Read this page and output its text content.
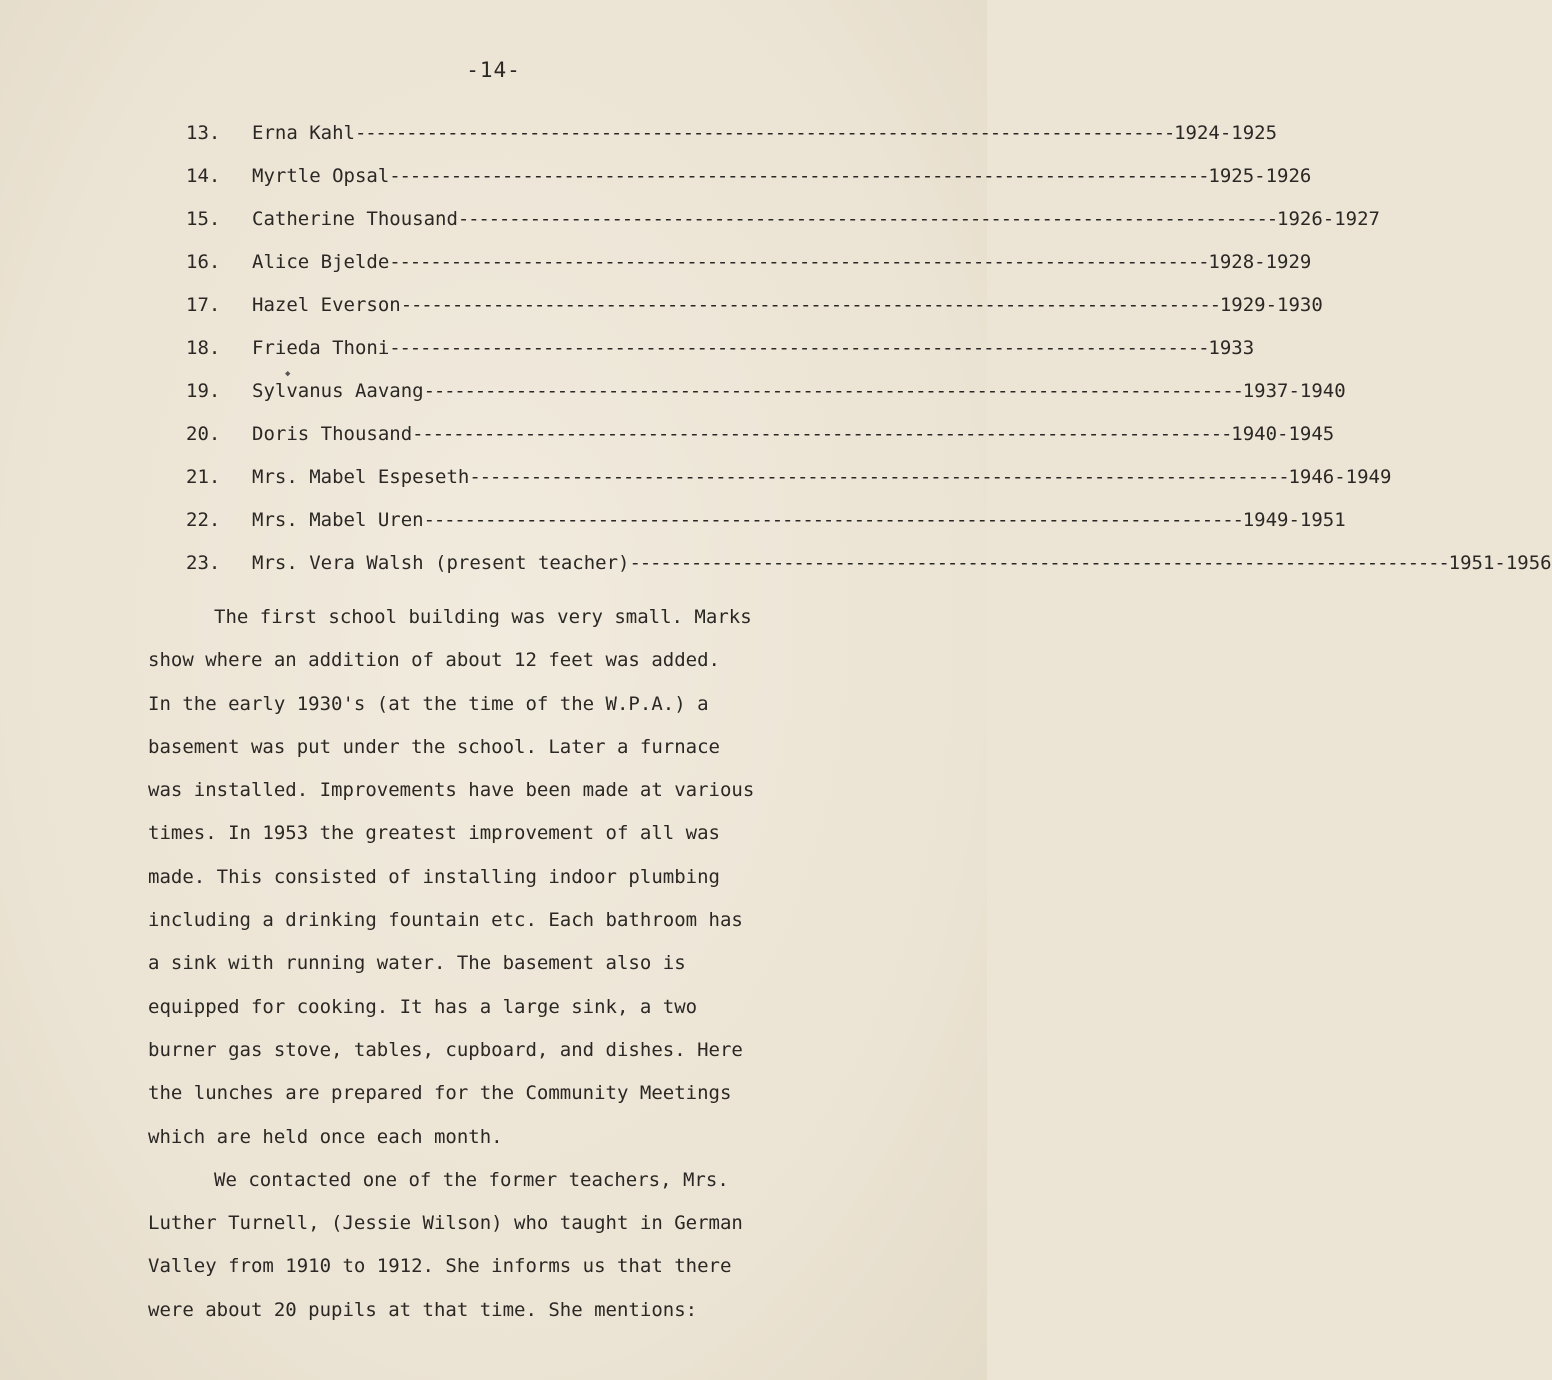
-14-
13.	Erna Kahl -------------------------------------------------------------------------------- 1924-1925
14.	Myrtle Opsal -------------------------------------------------------------------------------- 1925-1926
15.	Catherine Thousand -------------------------------------------------------------------------------- 1926-1927
16.	Alice Bjelde -------------------------------------------------------------------------------- 1928-1929
17.	Hazel Everson -------------------------------------------------------------------------------- 1929-1930
18.	Frieda Thoni -------------------------------------------------------------------------------- 1933
19.	Sylvanus Aavang -------------------------------------------------------------------------------- 1937-1940
20.	Doris Thousand -------------------------------------------------------------------------------- 1940-1945
21.	Mrs. Mabel Espeseth -------------------------------------------------------------------------------- 1946-1949
22.	Mrs. Mabel Uren -------------------------------------------------------------------------------- 1949-1951
23.	Mrs. Vera Walsh (present teacher) -------------------------------------------------------------------------------- 1951-1956
◆

The first school building was very small. Marks
show where an addition of about 12 feet was added.
In the early 1930's (at the time of the W.P.A.) a
basement was put under the school. Later a furnace
was installed. Improvements have been made at various
times. In 1953 the greatest improvement of all was
made. This consisted of installing indoor plumbing
including a drinking fountain etc. Each bathroom has
a sink with running water. The basement also is
equipped for cooking. It has a large sink, a two
burner gas stove, tables, cupboard, and dishes. Here
the lunches are prepared for the Community Meetings
which are held once each month.

We contacted one of the former teachers, Mrs.
Luther Turnell, (Jessie Wilson) who taught in German
Valley from 1910 to 1912. She informs us that there
were about 20 pupils at that time. She mentions:
